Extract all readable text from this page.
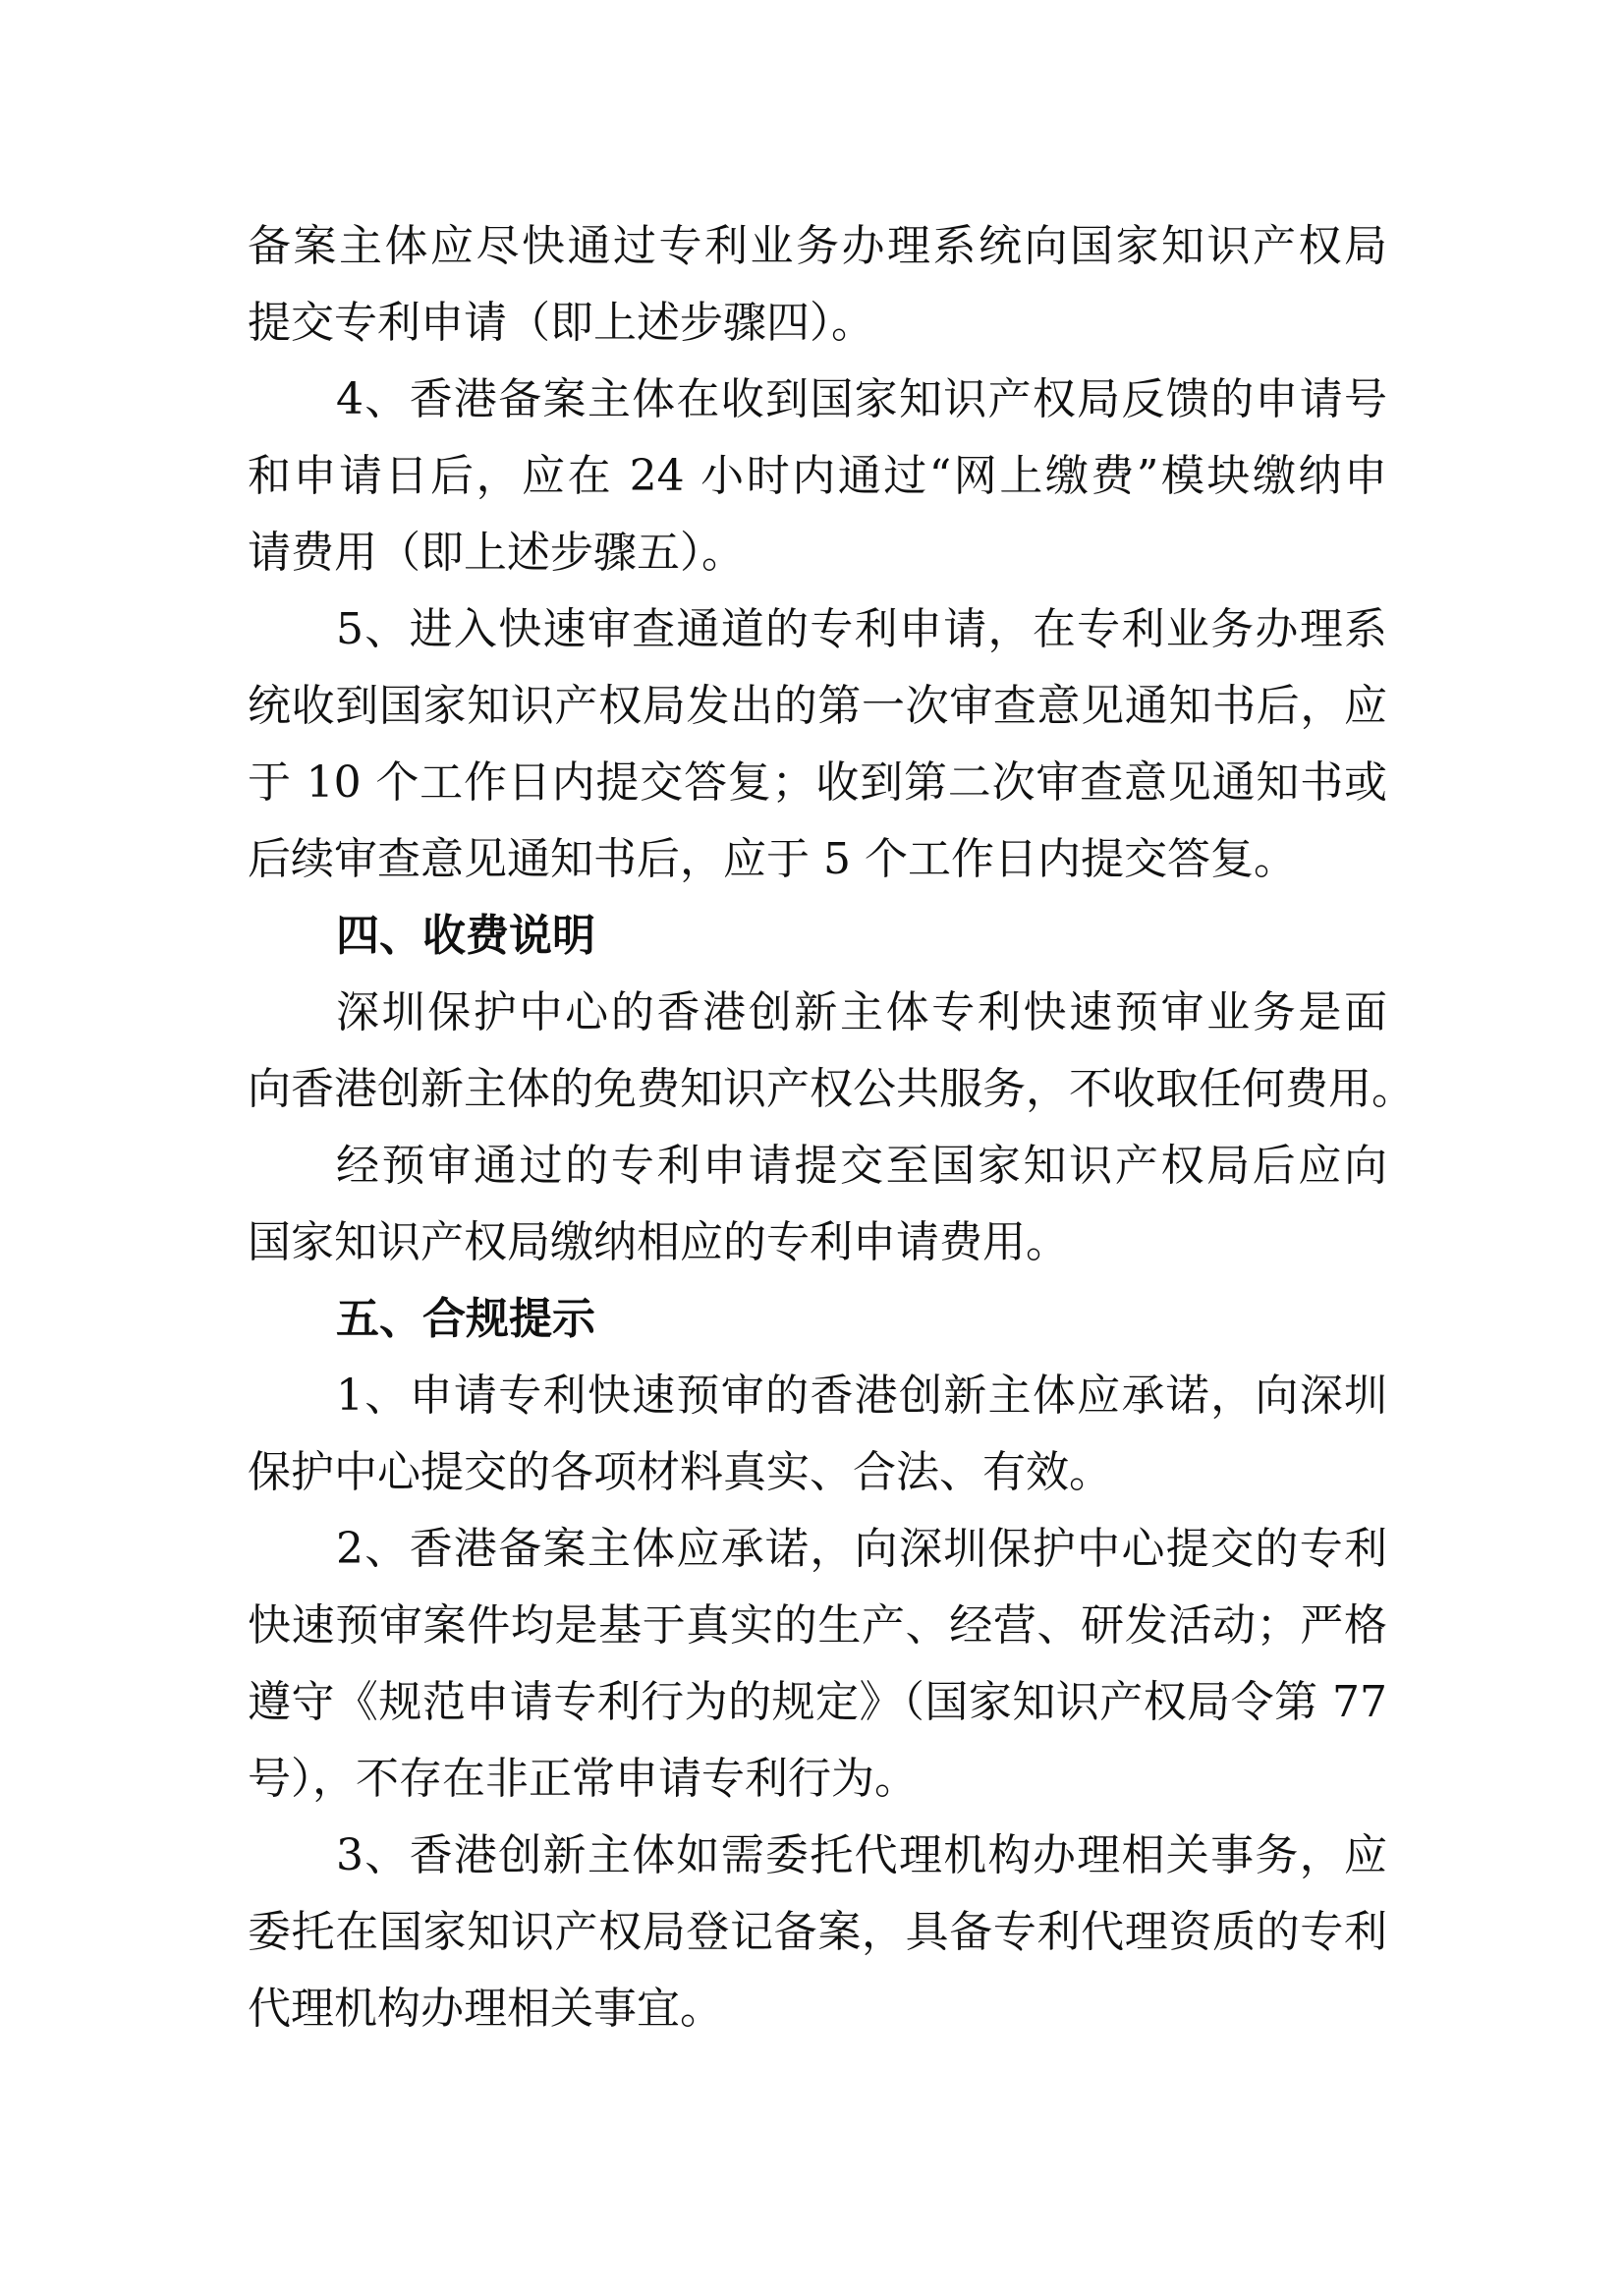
备案主体应尽快通过专利业务办理系统向国家知识产权局
提交专利申请（即上述步骤四）。
4、香港备案主体在收到国家知识产权局反馈的申请号
和申请日后，应在 24 小时内通过“网上缴费”模块缴纳申
请费用（即上述步骤五）。
5、进入快速审查通道的专利申请，在专利业务办理系
统收到国家知识产权局发出的第一次审查意见通知书后，应
于 10 个工作日内提交答复；收到第二次审查意见通知书或
后续审查意见通知书后，应于 5 个工作日内提交答复。
四、收费说明
深圳保护中心的香港创新主体专利快速预审业务是面
向香港创新主体的免费知识产权公共服务，不收取任何费用。
经预审通过的专利申请提交至国家知识产权局后应向
国家知识产权局缴纳相应的专利申请费用。
五、合规提示
1、申请专利快速预审的香港创新主体应承诺，向深圳
保护中心提交的各项材料真实、合法、有效。
2、香港备案主体应承诺，向深圳保护中心提交的专利
快速预审案件均是基于真实的生产、经营、研发活动；严格
遵守《规范申请专利行为的规定》（国家知识产权局令第 77
号），不存在非正常申请专利行为。
3、香港创新主体如需委托代理机构办理相关事务，应
委托在国家知识产权局登记备案，具备专利代理资质的专利
代理机构办理相关事宜。
